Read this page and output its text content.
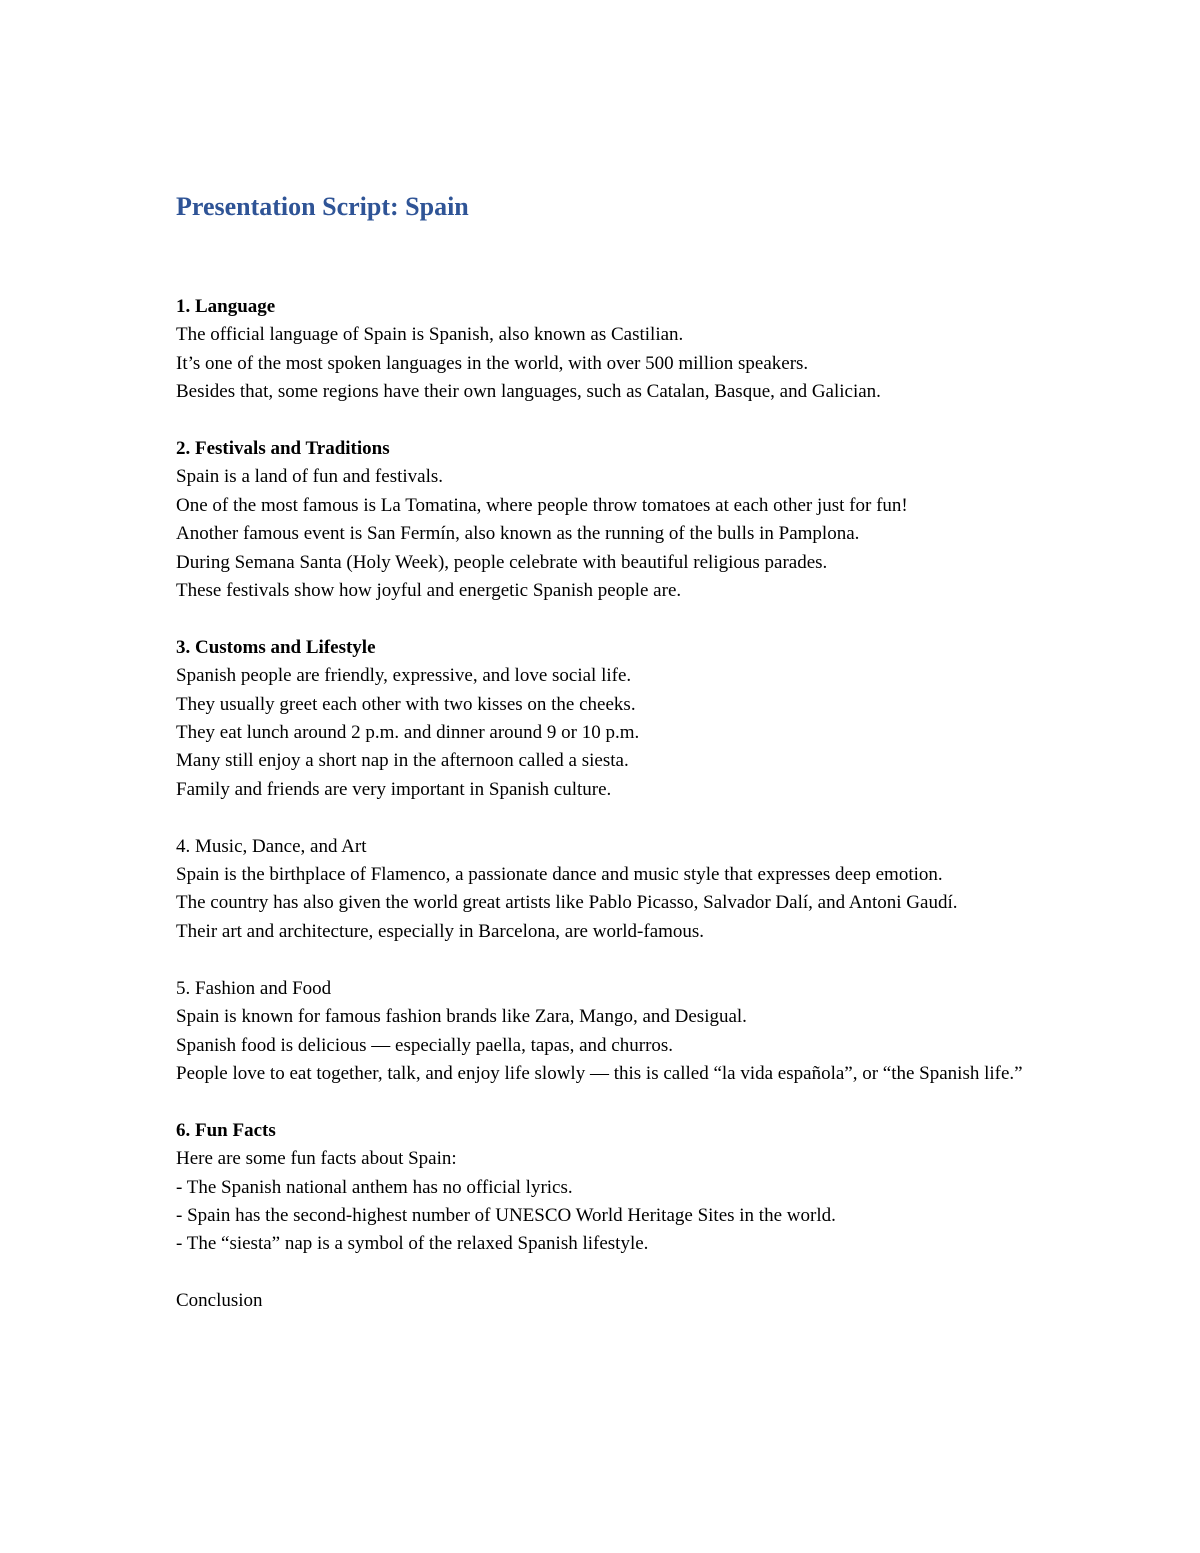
Presentation Script: Spain

1. Language

The official language of Spain is Spanish, also known as Castilian.

It’s one of the most spoken languages in the world, with over 500 million speakers.

Besides that, some regions have their own languages, such as Catalan, Basque, and Galician.

2. Festivals and Traditions

Spain is a land of fun and festivals.

One of the most famous is La Tomatina, where people throw tomatoes at each other just for fun!

Another famous event is San Fermín, also known as the running of the bulls in Pamplona.

During Semana Santa (Holy Week), people celebrate with beautiful religious parades.

These festivals show how joyful and energetic Spanish people are.

3. Customs and Lifestyle

Spanish people are friendly, expressive, and love social life.

They usually greet each other with two kisses on the cheeks.

They eat lunch around 2 p.m. and dinner around 9 or 10 p.m.

Many still enjoy a short nap in the afternoon called a siesta.

Family and friends are very important in Spanish culture.

4. Music, Dance, and Art

Spain is the birthplace of Flamenco, a passionate dance and music style that expresses deep emotion.

The country has also given the world great artists like Pablo Picasso, Salvador Dalí, and Antoni Gaudí.

Their art and architecture, especially in Barcelona, are world-famous.

5. Fashion and Food

Spain is known for famous fashion brands like Zara, Mango, and Desigual.

Spanish food is delicious — especially paella, tapas, and churros.

People love to eat together, talk, and enjoy life slowly — this is called “la vida española”, or “the Spanish life.”

6. Fun Facts

Here are some fun facts about Spain:

- The Spanish national anthem has no official lyrics.

- Spain has the second-highest number of UNESCO World Heritage Sites in the world.

- The “siesta” nap is a symbol of the relaxed Spanish lifestyle.

Conclusion
